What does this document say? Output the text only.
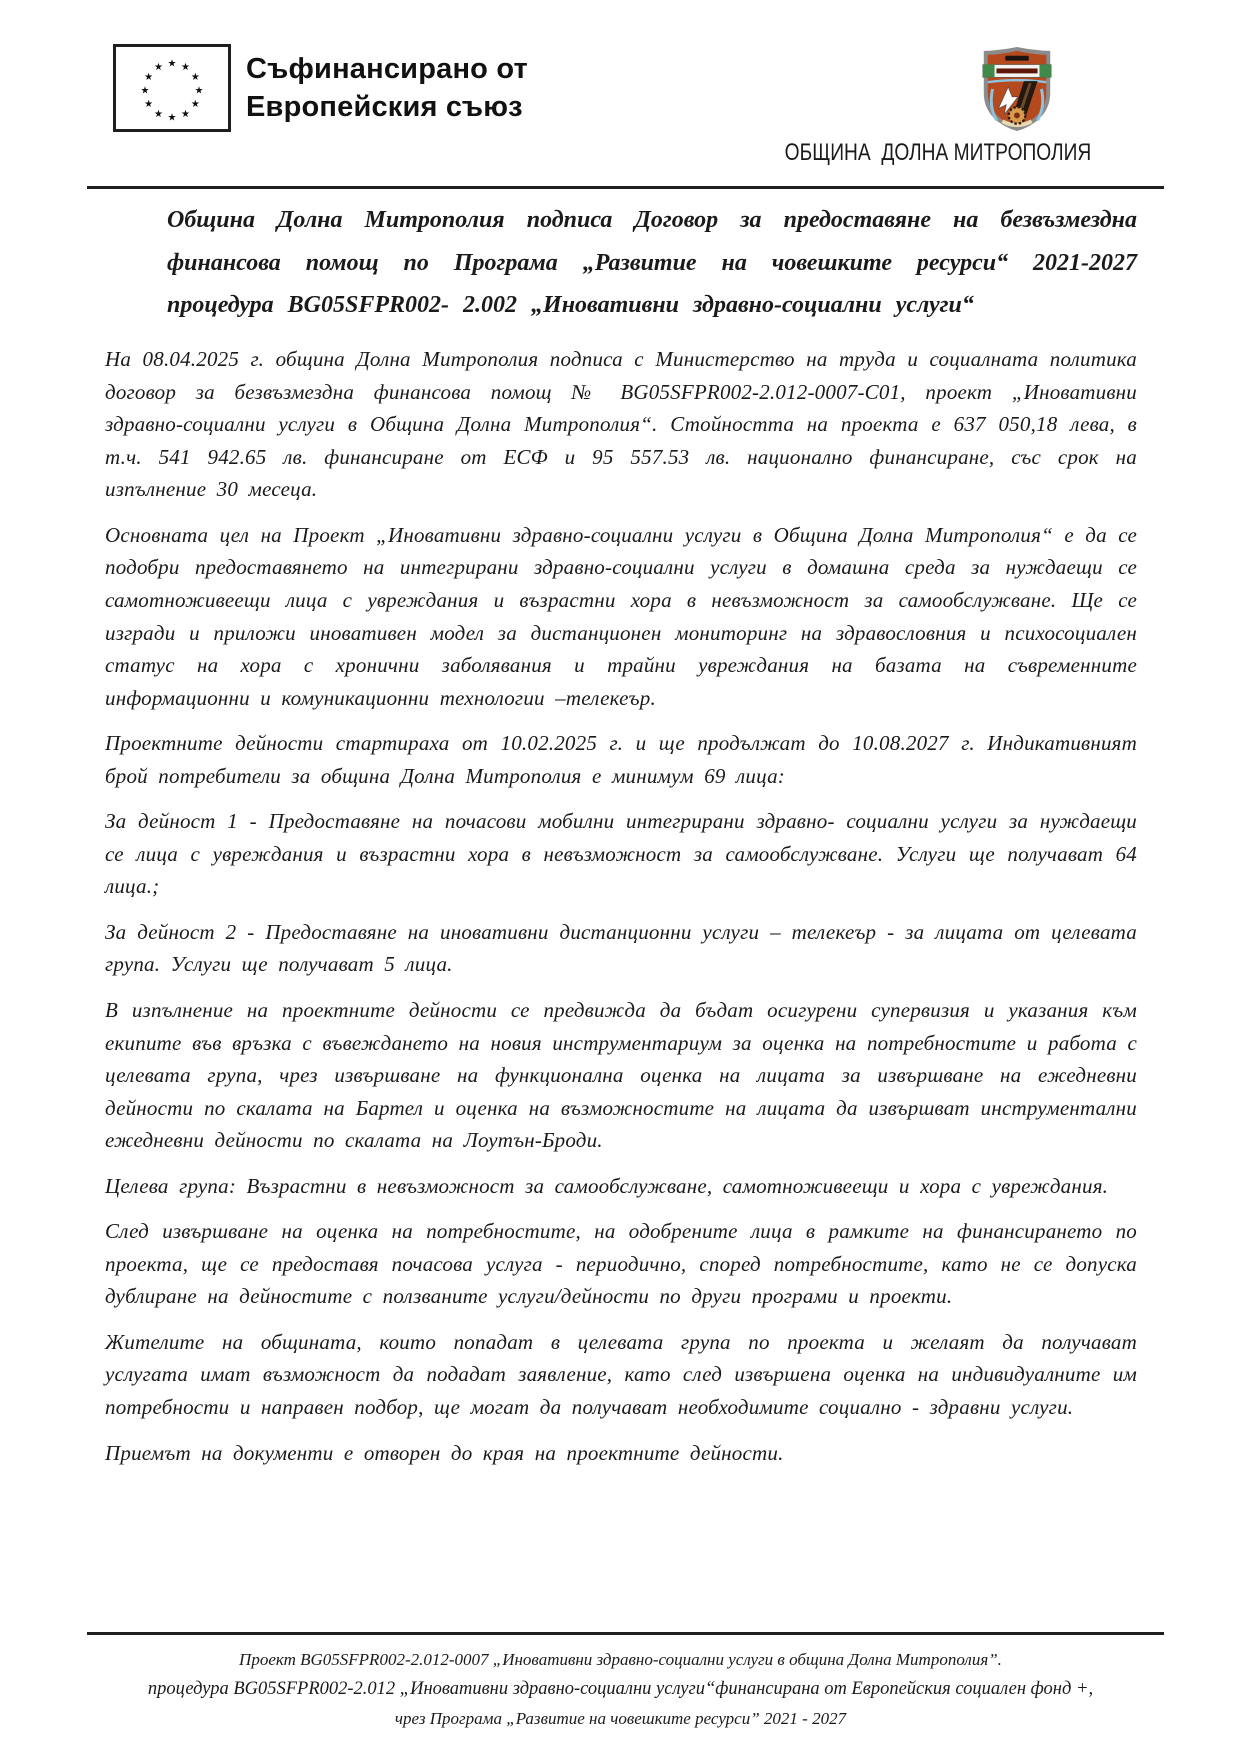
★ ★
★
★
★
★
★
★
★
★
★
★	Съфинансирано от
Европейския съюз
ОБЩИНА  ДОЛНА МИТРОПОЛИЯ

Община Долна Митрополия подписа Договор за предоставяне на безвъзмездна финансова помощ по Програма „Развитие на човешките ресурси“ 2021-2027 процедура BG05SFPR002- 2.002 „Иновативни здравно-социални услуги“

На 08.04.2025 г. община Долна Митрополия подписа с Министерство на труда и социалната политика договор за безвъзмездна финансова помощ № BG05SFPR002-2.012-0007-C01, проект „Иновативни здравно-социални услуги в Община Долна Митрополия“. Стойността на проекта е 637 050,18 лева, в т.ч. 541 942.65 лв. финансиране от ЕСФ и 95 557.53 лв. национално финансиране, със срок на изпълнение 30 месеца.

Основната цел на Проект „Иновативни здравно-социални услуги в Община Долна Митрополия“ е да се подобри предоставянето на интегрирани здравно-социални услуги в домашна среда за нуждаещи се самотноживеещи лица с увреждания и възрастни хора в невъзможност за самообслужване. Ще се изгради и приложи иновативен модел за дистанционен мониторинг на здравословния и психосоциален статус на хора с хронични заболявания и трайни увреждания на базата на съвременните информационни и комуникационни технологии –телекеър.

Проектните дейности стартираха от 10.02.2025 г. и ще продължат до 10.08.2027 г. Индикативният брой потребители за община Долна Митрополия е минимум 69 лица:

За дейност 1 - Предоставяне на почасови мобилни интегрирани здравно- социални услуги за нуждаещи се лица с увреждания и възрастни хора в невъзможност за самообслужване. Услуги ще получават 64 лица.;

За дейност 2 - Предоставяне на иновативни дистанционни услуги – телекеър - за лицата от целевата група. Услуги ще получават 5 лица.

В изпълнение на проектните дейности се предвижда да бъдат осигурени супервизия и указания към екипите във връзка с въвеждането на новия инструментариум за оценка на потребностите и работа с целевата група, чрез извършване на функционална оценка на лицата за извършване на ежедневни дейности по скалата на Бартел и оценка на възможностите на лицата да извършват инструментални ежедневни дейности по скалата на Лоутън-Броди.

Целева група: Възрастни в невъзможност за самообслужване, самотноживеещи и хора с увреждания.

След извършване на оценка на потребностите, на одобрените лица в рамките на финансирането по проекта, ще се предоставя почасова услуга - периодично, според потребностите, като не се допуска дублиране на дейностите с ползваните услуги/дейности по други програми и проекти.

Жителите на общината, които попадат в целевата група по проекта и желаят да получават услугата имат възможност да подадат заявление, като след извършена оценка на индивидуалните им потребности и направен подбор, ще могат да получават необходимите социално - здравни услуги.

Приемът на документи е отворен до края на проектните дейности.

Проект BG05SFPR002-2.012-0007 „Иновативни здравно-социални услуги в община Долна Митрополия”.
процедура BG05SFPR002-2.012 „Иновативни здравно-социални услуги“финансирана от Европейския социален фонд +,
чрез Програма „Развитие на човешките ресурси” 2021 - 2027
